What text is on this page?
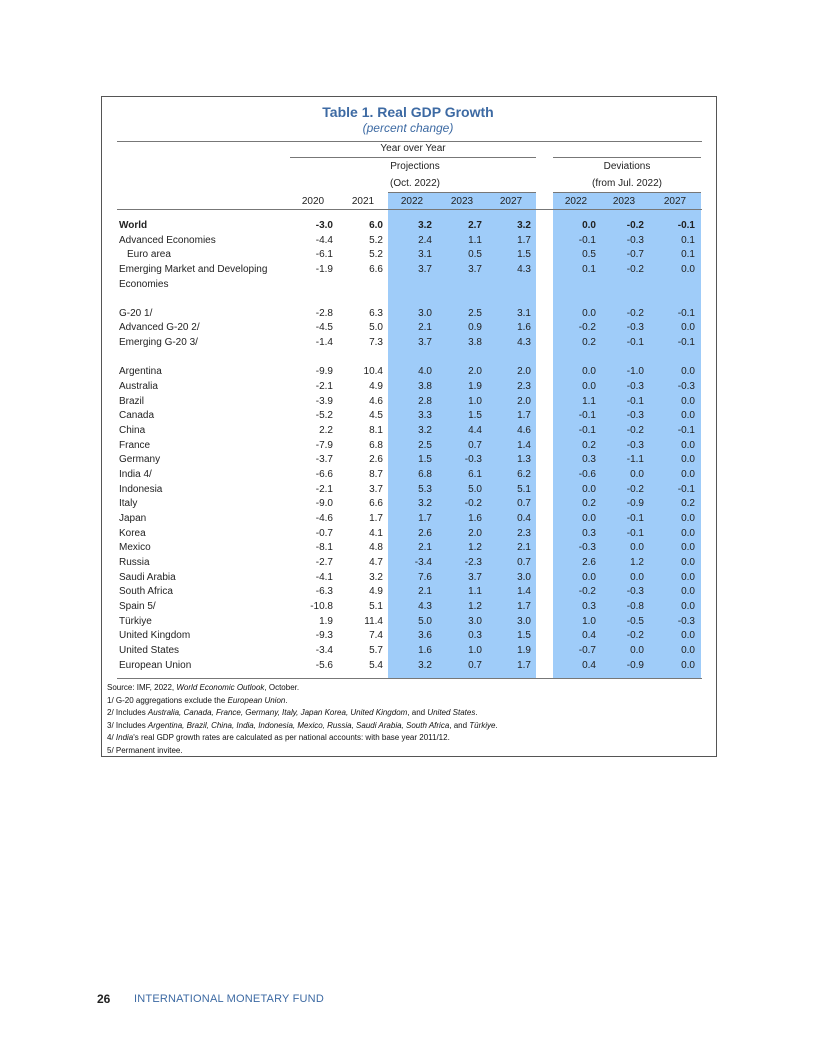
Table 1. Real GDP Growth
(percent change)
Year over Year
Projections
(Oct. 2022)
Deviations
(from Jul. 2022)
2020	2021	2022	2023	2027	2022	2023	2027
World	-3.0	6.0	3.2	2.7	3.2	0.0	-0.2	-0.1
Advanced Economies	-4.4	5.2	2.4	1.1	1.7	-0.1	-0.3	0.1
Euro area	-6.1	5.2	3.1	0.5	1.5	0.5	-0.7	0.1
Emerging Market and Developing	-1.9	6.6	3.7	3.7	4.3	0.1	-0.2	0.0
Economies
G-20 1/	-2.8	6.3	3.0	2.5	3.1	0.0	-0.2	-0.1
Advanced G-20 2/	-4.5	5.0	2.1	0.9	1.6	-0.2	-0.3	0.0
Emerging G-20 3/	-1.4	7.3	3.7	3.8	4.3	0.2	-0.1	-0.1
Argentina	-9.9	10.4	4.0	2.0	2.0	0.0	-1.0	0.0
Australia	-2.1	4.9	3.8	1.9	2.3	0.0	-0.3	-0.3
Brazil	-3.9	4.6	2.8	1.0	2.0	1.1	-0.1	0.0
Canada	-5.2	4.5	3.3	1.5	1.7	-0.1	-0.3	0.0
China	2.2	8.1	3.2	4.4	4.6	-0.1	-0.2	-0.1
France	-7.9	6.8	2.5	0.7	1.4	0.2	-0.3	0.0
Germany	-3.7	2.6	1.5	-0.3	1.3	0.3	-1.1	0.0
India 4/	-6.6	8.7	6.8	6.1	6.2	-0.6	0.0	0.0
Indonesia	-2.1	3.7	5.3	5.0	5.1	0.0	-0.2	-0.1
Italy	-9.0	6.6	3.2	-0.2	0.7	0.2	-0.9	0.2
Japan	-4.6	1.7	1.7	1.6	0.4	0.0	-0.1	0.0
Korea	-0.7	4.1	2.6	2.0	2.3	0.3	-0.1	0.0
Mexico	-8.1	4.8	2.1	1.2	2.1	-0.3	0.0	0.0
Russia	-2.7	4.7	-3.4	-2.3	0.7	2.6	1.2	0.0
Saudi Arabia	-4.1	3.2	7.6	3.7	3.0	0.0	0.0	0.0
South Africa	-6.3	4.9	2.1	1.1	1.4	-0.2	-0.3	0.0
Spain 5/	-10.8	5.1	4.3	1.2	1.7	0.3	-0.8	0.0
Türkiye	1.9	11.4	5.0	3.0	3.0	1.0	-0.5	-0.3
United Kingdom	-9.3	7.4	3.6	0.3	1.5	0.4	-0.2	0.0
United States	-3.4	5.7	1.6	1.0	1.9	-0.7	0.0	0.0
European Union	-5.6	5.4	3.2	0.7	1.7	0.4	-0.9	0.0

Source: IMF, 2022, World Economic Outlook, October.

1/ G-20 aggregations exclude the European Union.

2/ Includes Australia, Canada, France, Germany, Italy, Japan Korea, United Kingdom, and United States.

3/ Includes Argentina, Brazil, China, India, Indonesia, Mexico, Russia, Saudi Arabia, South Africa, and Türkiye.

4/ India's real GDP growth rates are calculated as per national accounts: with base year 2011/12.

5/ Permanent invitee.

26 INTERNATIONAL MONETARY FUND
